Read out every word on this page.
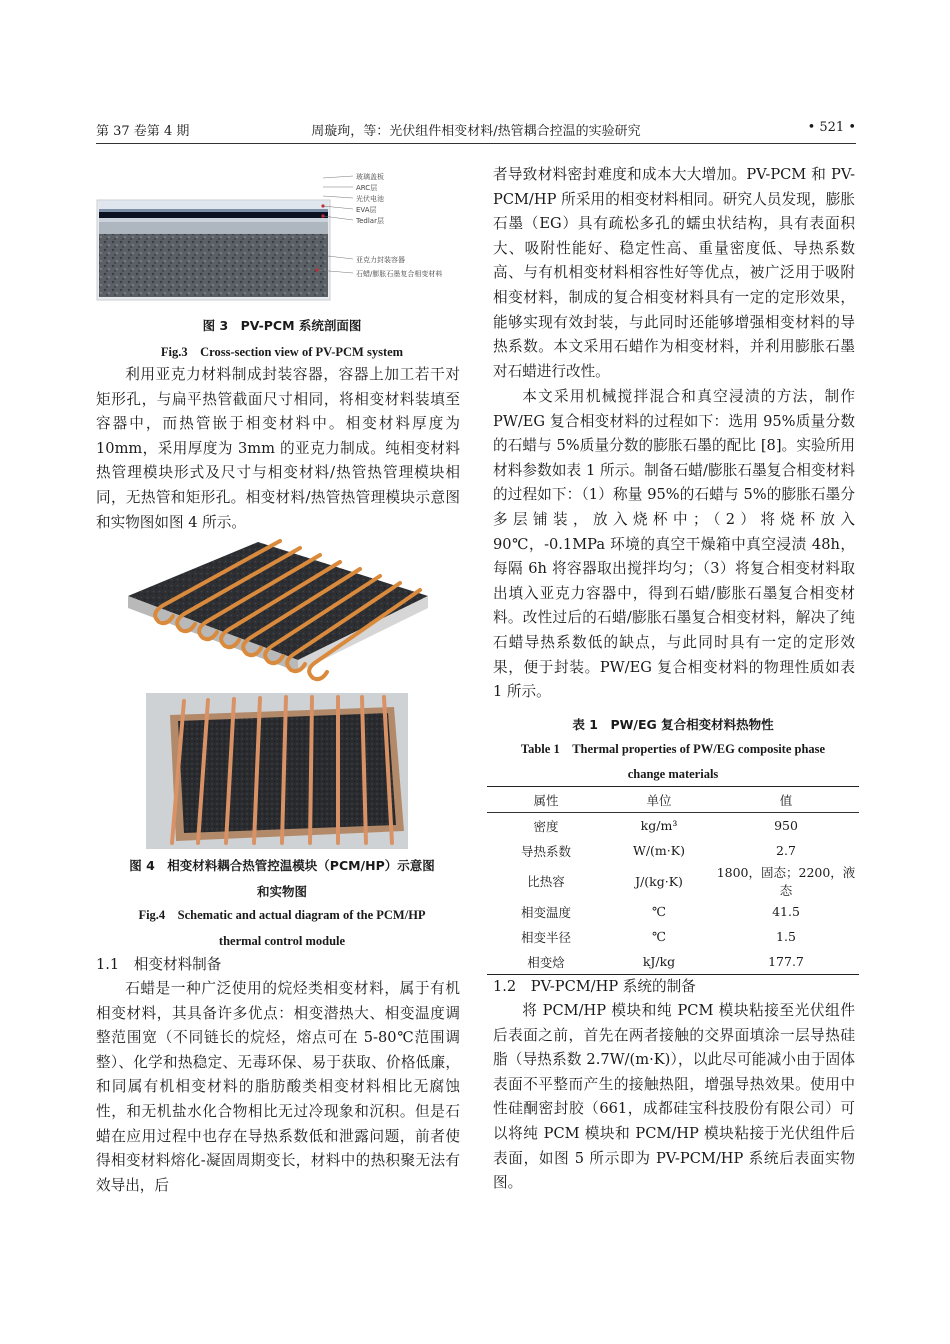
第 37 卷第 4 期	周璇珣，等：光伏组件相变材料/热管耦合控温的实验研究	• 521 •
玻璃盖板
ARC层
光伏电池
EVA层
Tedlar层
亚克力封装容器
石蜡/膨胀石墨复合相变材料
图 3　PV-PCM 系统剖面图
Fig.3　Cross-section view of PV-PCM system

利用亚克力材料制成封装容器，容器上加工若干对矩形孔，与扁平热管截面尺寸相同，将相变材料装填至容器中，而热管嵌于相变材料中。相变材料厚度为 10mm，采用厚度为 3mm 的亚克力制成。纯相变材料热管理模块形式及尺寸与相变材料/热管热管理模块相同，无热管和矩形孔。相变材料/热管热管理模块示意图和实物图如图 4 所示。

图 4　相变材料耦合热管控温模块（PCM/HP）示意图
和实物图
Fig.4　Schematic and actual diagram of the PCM/HP
thermal control module
1.1　相变材料制备

石蜡是一种广泛使用的烷烃类相变材料，属于有机相变材料，其具备许多优点：相变潜热大、相变温度调整范围宽（不同链长的烷烃，熔点可在 5-80℃范围调整）、化学和热稳定、无毒环保、易于获取、价格低廉，和同属有机相变材料的脂肪酸类相变材料相比无腐蚀性，和无机盐水化合物相比无过冷现象和沉积。但是石蜡在应用过程中也存在导热系数低和泄露问题，前者使得相变材料熔化-凝固周期变长，材料中的热积聚无法有效导出，后

者导致材料密封难度和成本大大增加。PV-PCM 和 PV-PCM/HP 所采用的相变材料相同。研究人员发现，膨胀石墨（EG）具有疏松多孔的蠕虫状结构，具有表面积大、吸附性能好、稳定性高、重量密度低、导热系数高、与有机相变材料相容性好等优点，被广泛用于吸附相变材料，制成的复合相变材料具有一定的定形效果，能够实现有效封装，与此同时还能够增强相变材料的导热系数。本文采用石蜡作为相变材料，并利用膨胀石墨对石蜡进行改性。

本文采用机械搅拌混合和真空浸渍的方法，制作 PW/EG 复合相变材料的过程如下：选用 95%质量分数的石蜡与 5%质量分数的膨胀石墨的配比 [8]。实验所用材料参数如表 1 所示。制备石蜡/膨胀石墨复合相变材料的过程如下：（1）称量 95%的石蜡与 5%的膨胀石墨分多层铺装，放入烧杯中；（2）将烧杯放入 90℃，-0.1MPa 环境的真空干燥箱中真空浸渍 48h，每隔 6h 将容器取出搅拌均匀；（3）将复合相变材料取出填入亚克力容器中，得到石蜡/膨胀石墨复合相变材料。改性过后的石蜡/膨胀石墨复合相变材料，解决了纯石蜡导热系数低的缺点，与此同时具有一定的定形效果，便于封装。PW/EG 复合相变材料的物理性质如表 1 所示。

表 1　PW/EG 复合相变材料热物性
Table 1　Thermal properties of PW/EG composite phase
change materials
属性	单位	值
密度	kg/m³	950
导热系数	W/(m·K)	2.7
比热容	J/(kg·K)	1800，固态；2200，液态
相变温度	℃	41.5
相变半径	℃	1.5
相变焓	kJ/kg	177.7
1.2　PV-PCM/HP 系统的制备

将 PCM/HP 模块和纯 PCM 模块粘接至光伏组件后表面之前，首先在两者接触的交界面填涂一层导热硅脂（导热系数 2.7W/(m·K)），以此尽可能减小由于固体表面不平整而产生的接触热阻，增强导热效果。使用中性硅酮密封胶（661，成都硅宝科技股份有限公司）可以将纯 PCM 模块和 PCM/HP 模块粘接于光伏组件后表面，如图 5 所示即为 PV-PCM/HP 系统后表面实物图。
